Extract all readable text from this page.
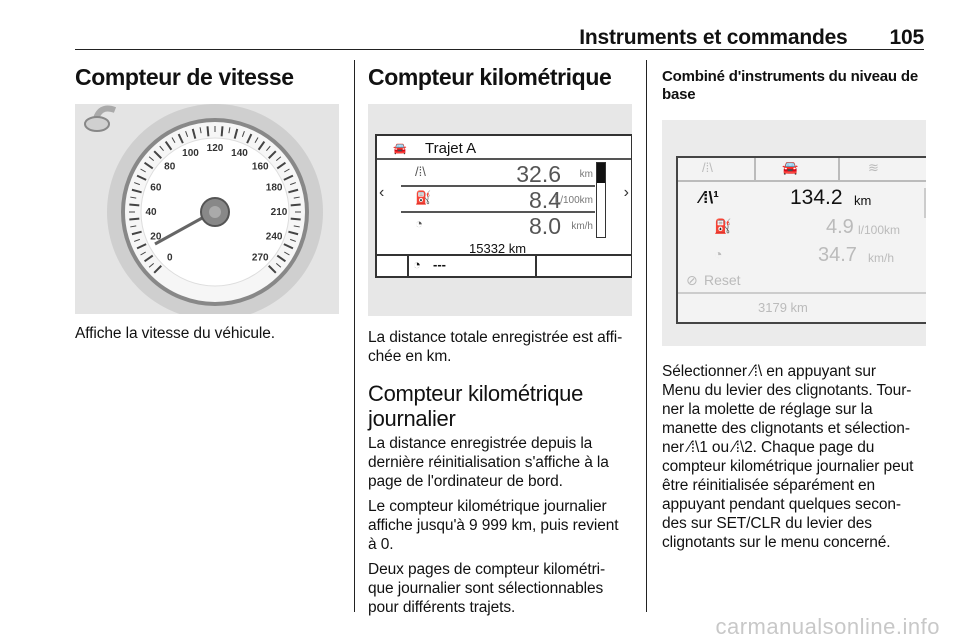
Instruments et commandes 105
Compteur de vitesse
0
20
40
60
80
100 120 140
160
180
210
240
270

Affiche la vitesse du véhicule.

Compteur kilométrique
🚘 Trajet A
‹	›
/⁞\	32.6 km
⛽	8.4
L/100km
◔	8.0 km/h
15332 km
◔ ---

La distance totale enregistrée est affi-chée en km.

Compteur kilométrique
journalier

La distance enregistrée depuis la

dernière réinitialisation s'affiche à la

page de l'ordinateur de bord.

Le compteur kilométrique journalier

affiche jusqu'à 9 999 km, puis revient

à 0.

Deux pages de compteur kilométri-

que journalier sont sélectionnables

pour différents trajets.

Combiné d'instruments du niveau de
base
/⁞\	🚘	≋
⁄⁞\¹	134.2 km
⛽	4.9 l/100km
◔	34.7 km/h
⊘ Reset
3179 km

Sélectionner ⁄⁞\ en appuyant sur

Menu du levier des clignotants. Tour-

ner la molette de réglage sur la

manette des clignotants et sélection-

ner ⁄⁞\1 ou ⁄⁞\2. Chaque page du

compteur kilométrique journalier peut

être réinitialisée séparément en

appuyant pendant quelques secon-

des sur SET/CLR du levier des

clignotants sur le menu concerné.

carmanualsonline.info
